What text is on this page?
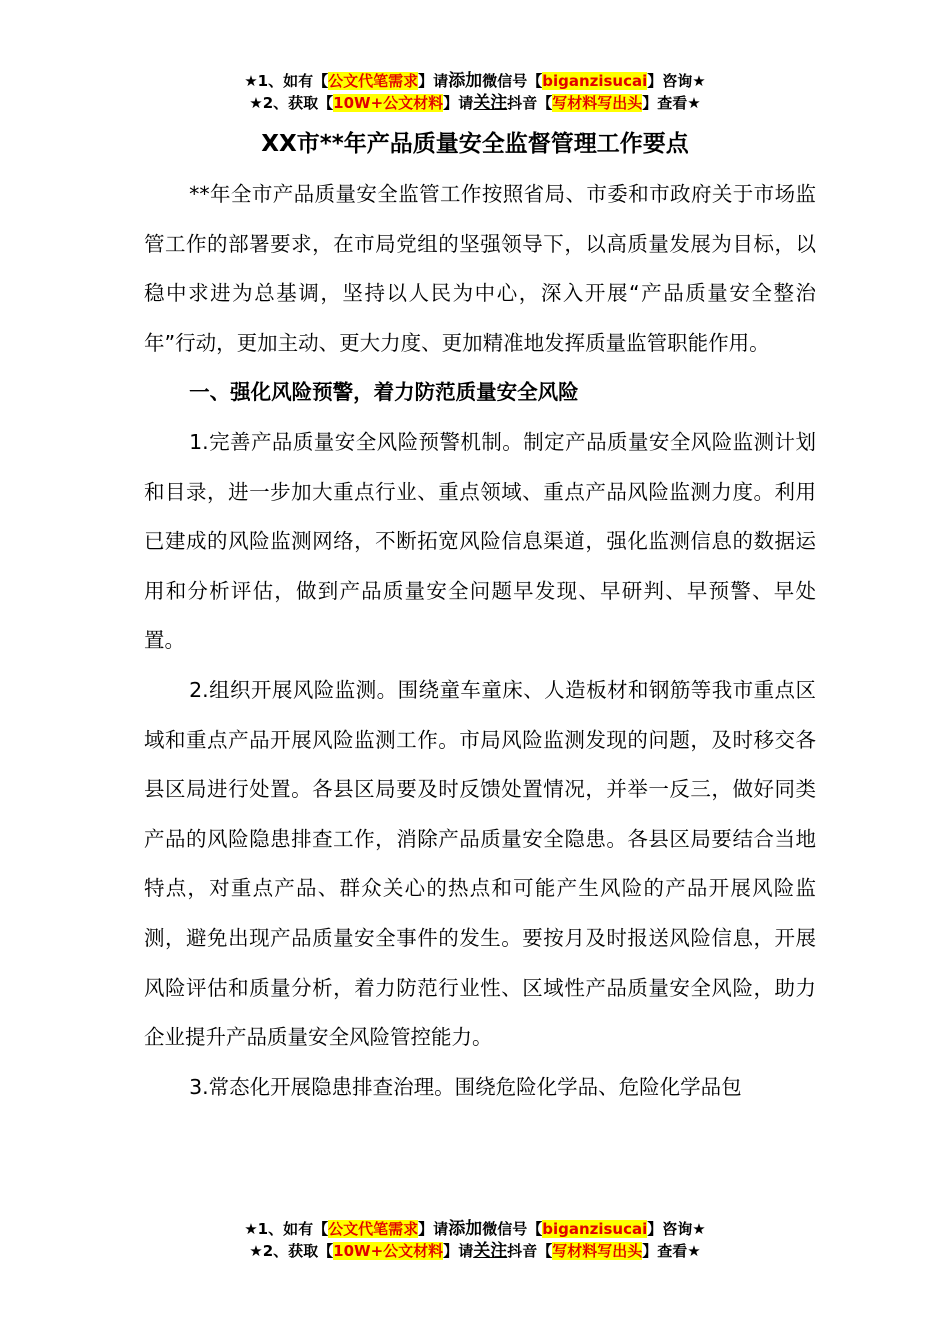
★1、如有【公文代笔需求】请添加微信号【biganzisucai】咨询★
★2、获取【10W+公文材料】请关注抖音【写材料写出头】查看★
XX市**年产品质量安全监督管理工作要点

**年全市产品质量安全监管工作按照省局、市委和市政府关于市场监管工作的部署要求，在市局党组的坚强领导下，以高质量发展为目标，以稳中求进为总基调，坚持以人民为中心，深入开展“产品质量安全整治年”行动，更加主动、更大力度、更加精准地发挥质量监管职能作用。

一、强化风险预警，着力防范质量安全风险

1.完善产品质量安全风险预警机制。制定产品质量安全风险监测计划和目录，进一步加大重点行业、重点领域、重点产品风险监测力度。利用已建成的风险监测网络，不断拓宽风险信息渠道，强化监测信息的数据运用和分析评估，做到产品质量安全问题早发现、早研判、早预警、早处置。

2.组织开展风险监测。围绕童车童床、人造板材和钢筋等我市重点区域和重点产品开展风险监测工作。市局风险监测发现的问题，及时移交各县区局进行处置。各县区局要及时反馈处置情况，并举一反三，做好同类产品的风险隐患排查工作，消除产品质量安全隐患。各县区局要结合当地特点，对重点产品、群众关心的热点和可能产生风险的产品开展风险监测，避免出现产品质量安全事件的发生。要按月及时报送风险信息，开展风险评估和质量分析，着力防范行业性、区域性产品质量安全风险，助力企业提升产品质量安全风险管控能力。

3.常态化开展隐患排查治理。围绕危险化学品、危险化学品包

★1、如有【公文代笔需求】请添加微信号【biganzisucai】咨询★
★2、获取【10W+公文材料】请关注抖音【写材料写出头】查看★
